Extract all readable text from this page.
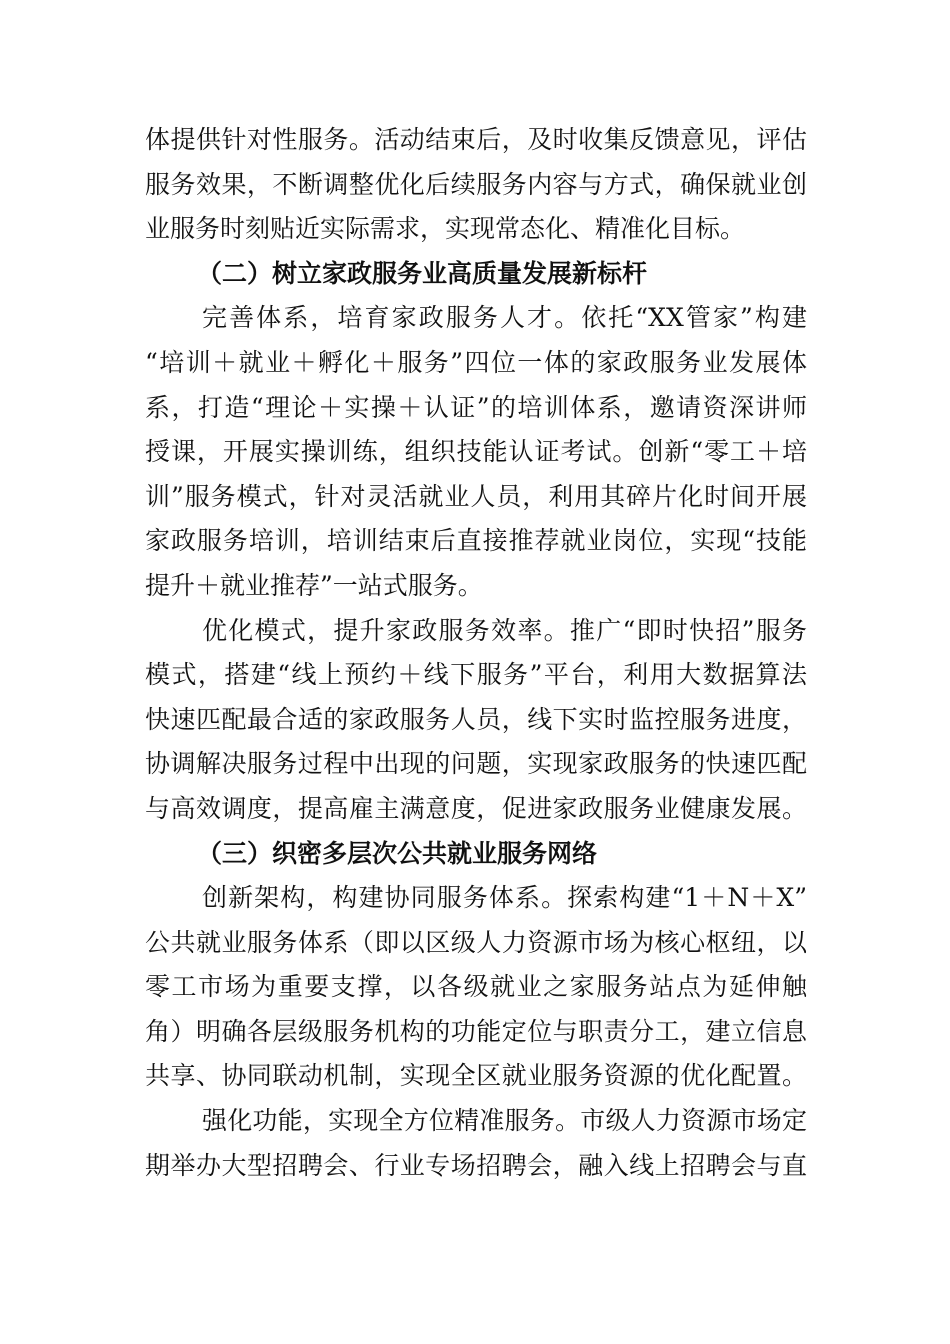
体提供针对性服务。活动结束后，及时收集反馈意见，评估
服务效果，不断调整优化后续服务内容与方式，确保就业创
业服务时刻贴近实际需求，实现常态化、精准化目标。
（二）树立家政服务业高质量发展新标杆
完善体系，培育家政服务人才。依托“XX管家”构建
“培训＋就业＋孵化＋服务”四位一体的家政服务业发展体
系，打造“理论＋实操＋认证”的培训体系，邀请资深讲师
授课，开展实操训练，组织技能认证考试。创新“零工＋培
训”服务模式，针对灵活就业人员，利用其碎片化时间开展
家政服务培训，培训结束后直接推荐就业岗位，实现“技能
提升＋就业推荐”一站式服务。
优化模式，提升家政服务效率。推广“即时快招”服务
模式，搭建“线上预约＋线下服务”平台，利用大数据算法
快速匹配最合适的家政服务人员，线下实时监控服务进度，
协调解决服务过程中出现的问题，实现家政服务的快速匹配
与高效调度，提高雇主满意度，促进家政服务业健康发展。
（三）织密多层次公共就业服务网络
创新架构，构建协同服务体系。探索构建“1＋N＋X”
公共就业服务体系（即以区级人力资源市场为核心枢纽，以
零工市场为重要支撑，以各级就业之家服务站点为延伸触
角）明确各层级服务机构的功能定位与职责分工，建立信息
共享、协同联动机制，实现全区就业服务资源的优化配置。
强化功能，实现全方位精准服务。市级人力资源市场定
期举办大型招聘会、行业专场招聘会，融入线上招聘会与直
